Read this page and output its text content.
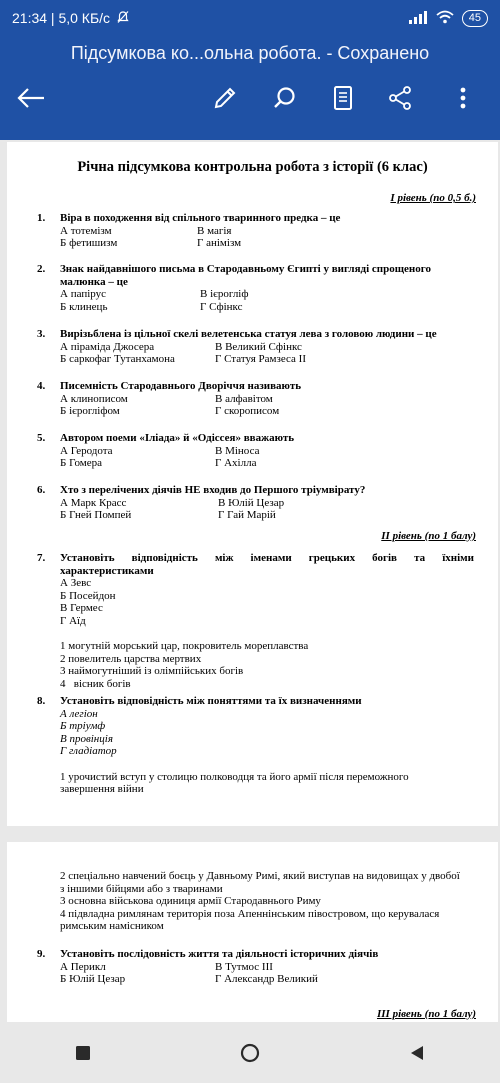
21:34 | 5,0 КБ/с	45
Підсумкова ко...ольна робота. - Сохранено
Річна підсумкова контрольна робота з історії (6 клас)
І рівень (по 0,5 б.)
1.	Віра в походження від спільного тваринного предка – це
А тотемізм	В магія
Б фетишизм	Г анімізм
2.	Знак найдавнішого письма в Стародавньому Єгипті у вигляді спрощеного
малюнка – це
А папірус	В ієрогліф
Б клинець	Г Сфінкс
3.	Вирізьблена із цільної скелі велетенська статуя лева з головою людини – це
А піраміда Джосера	В Великий Сфінкс
Б саркофаг Тутанхамона	Г Статуя Рамзеса ІІ
4.	Писемність Стародавнього Дворіччя називають
А клинописом	В алфавітом
Б ієрогліфом	Г скорописом
5.	Автором поеми «Іліада» й «Одіссея» вважають
А Геродота	В Міноса
Б Гомера	Г Ахілла
6.	Хто з перелічених діячів НЕ входив до Першого тріумвірату?
А Марк Красс	В Юлій Цезар
Б Гней Помпей	Г Гай Марій
ІІ рівень (по 1 балу)
7.	Установіть відповідність між іменами грецьких богів та їхніми
характеристиками
А Зевс
Б Посейдон
В Гермес
Г Аїд
1 могутній морський цар, покровитель мореплавства
2 повелитель царства мертвих
3 наймогутніший із олімпійських богів
4   вісник богів
8.	Установіть відповідність між поняттями та їх визначеннями
А легіон
Б тріумф
В провінція
Г гладіатор
1 урочистий вступ у столицю полководця та його армії після переможного завершення війни
2 спеціально навчений боєць у Давньому Римі, який виступав на видовищах у двобої з іншими бійцями або з тваринами
3 основна військова одиниця армії Стародавнього Риму
4 підвладна римлянам територія поза Апеннінським півостровом, що керувалася римським намісником
9.	Установіть послідовність життя та діяльності історичних діячів
А Перикл	В Тутмос ІІІ
Б Юлій Цезар	Г Александр Великий
ІІІ рівень (по 1 балу)
